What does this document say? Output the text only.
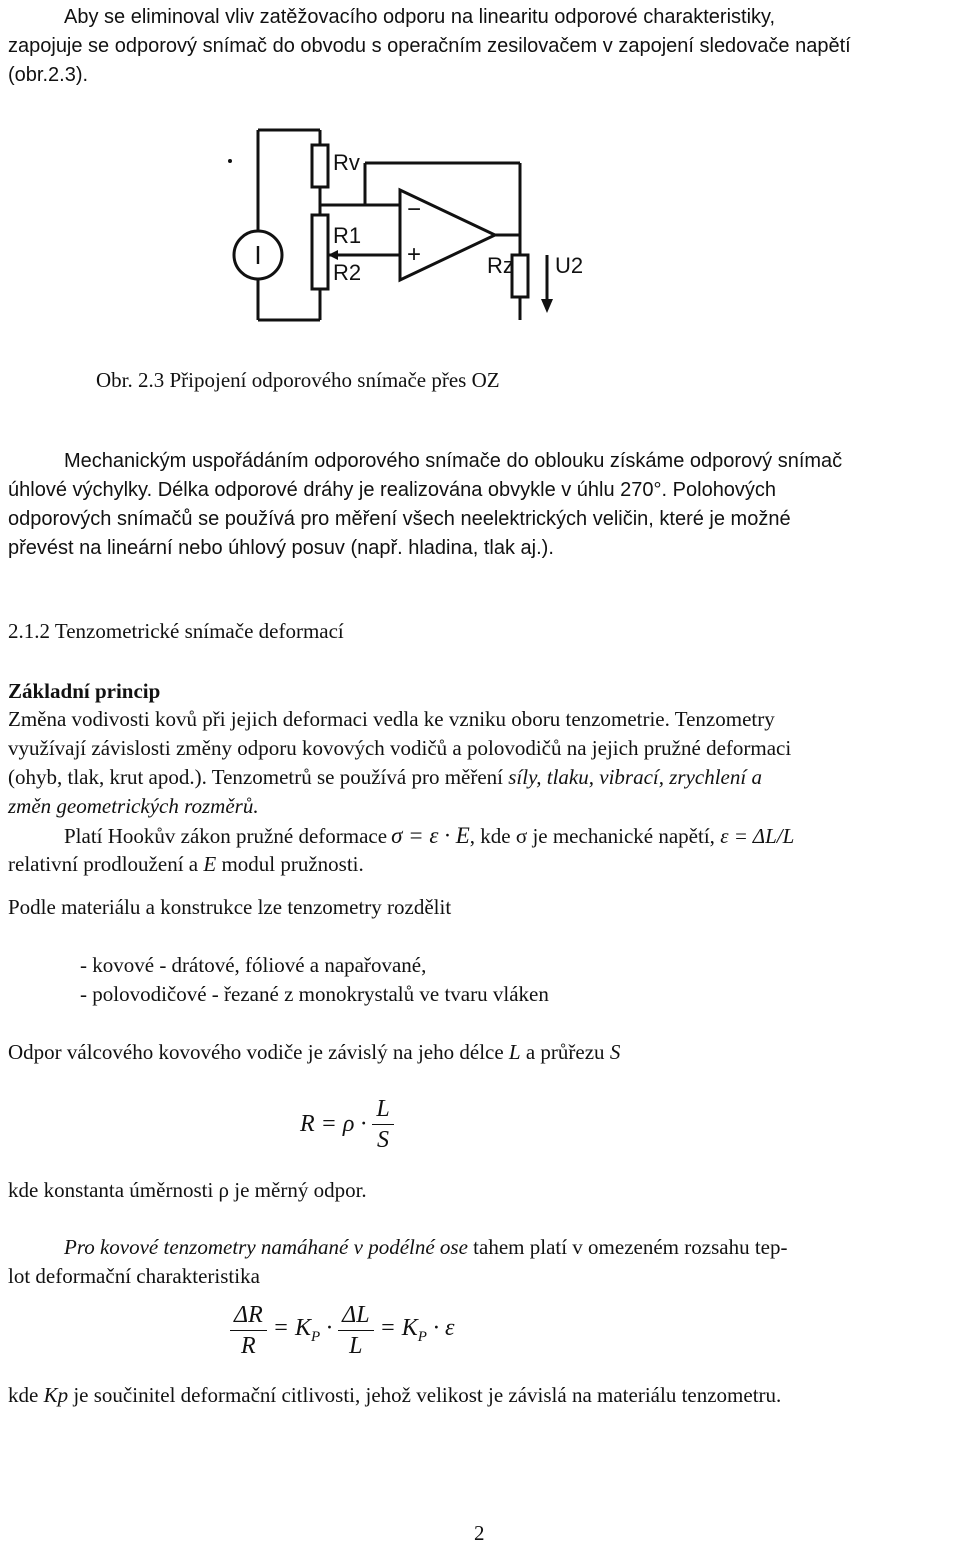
Aby se eliminoval vliv zatěžovacího odporu na linearitu odporové charakteristiky,
zapojuje se odporový snímač do obvodu s operačním zesilovačem v zapojení sledovače napětí
(obr.2.3).
I
Rv
R1
R2
−
+	Rz U2
Obr. 2.3 Připojení odporového snímače přes OZ
Mechanickým uspořádáním odporového snímače do oblouku získáme odporový snímač
úhlové výchylky. Délka odporové dráhy je realizována obvykle v úhlu 270°. Polohových
odporových snímačů se používá pro měření všech neelektrických veličin, které je možné
převést na lineární nebo úhlový posuv (např. hladina, tlak aj.).
2.1.2 Tenzometrické snímače deformací
Základní princip
Změna vodivosti kovů při jejich deformaci vedla ke vzniku oboru tenzometrie. Tenzometry
využívají závislosti změny odporu kovových vodičů a polovodičů na jejich pružné deformaci
(ohyb, tlak, krut apod.). Tenzometrů se používá pro měření síly, tlaku, vibrací, zrychlení a
změn geometrických rozměrů.
Platí Hookův zákon pružné deformace σ = ε · E, kde σ je mechanické napětí, ε = ΔL/L
relativní prodloužení a E modul pružnosti.
Podle materiálu a konstrukce lze tenzometry rozdělit
- kovové - drátové, fóliové a napařované,
- polovodičové - řezané z monokrystalů ve tvaru vláken
Odpor válcového kovového vodiče je závislý na jeho délce L a průřezu S
$R = \rho \cdot \frac{L}{S}$
kde konstanta úměrnosti ρ je měrný odpor.
Pro kovové tenzometry namáhané v podélné ose tahem platí v omezeném rozsahu tep-
lot deformační charakteristika
$\frac{\Delta R}{R} = K_P \cdot \frac{\Delta L}{L} = K_P \cdot \varepsilon$
kde Kp je součinitel deformační citlivosti, jehož velikost je závislá na materiálu tenzometru.
2
